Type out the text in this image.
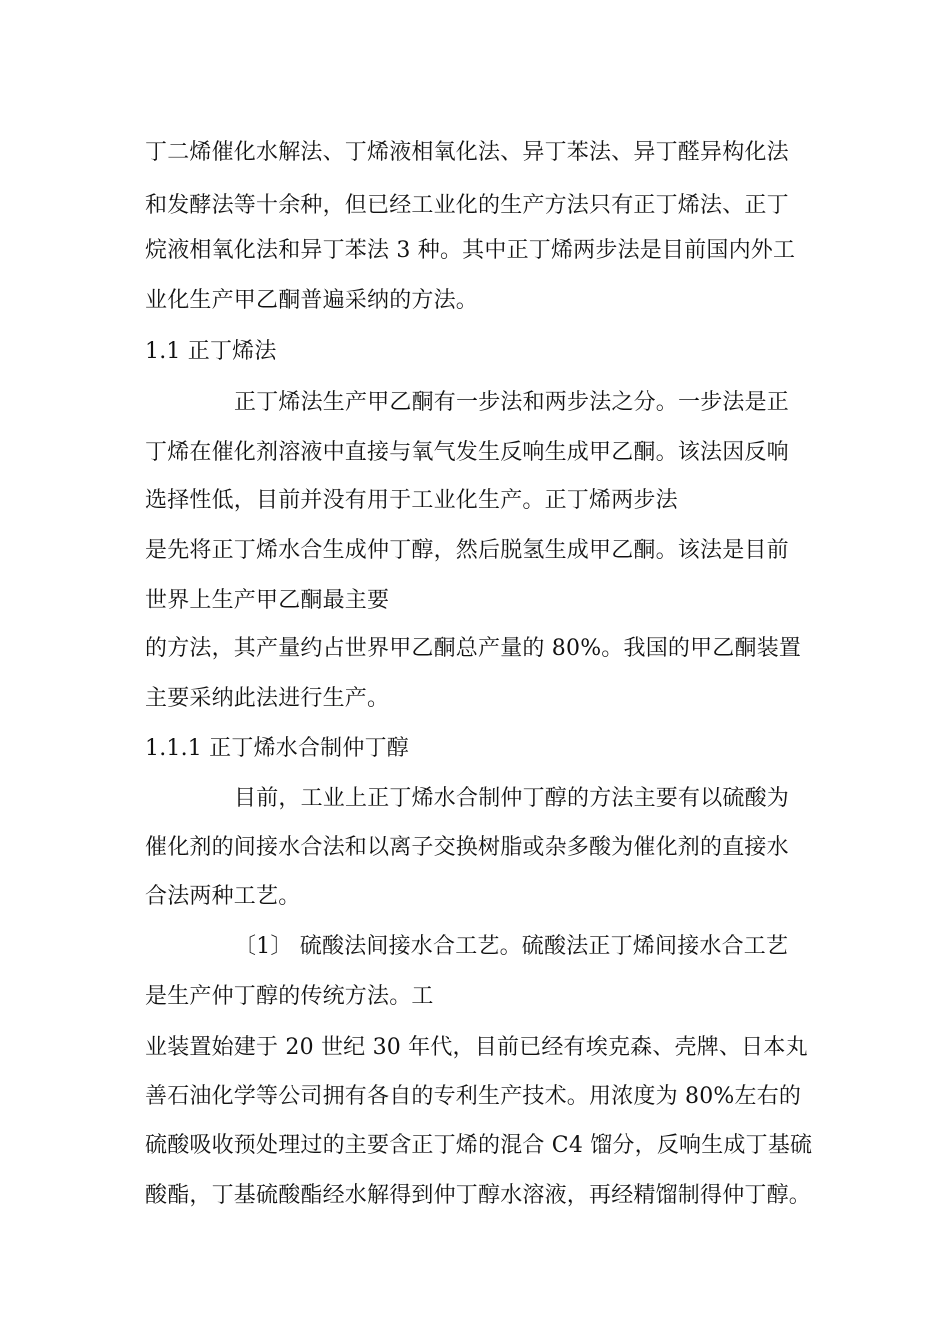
丁二烯催化水解法、丁烯液相氧化法、异丁苯法、异丁醛异构化法
和发酵法等十余种，但已经工业化的生产方法只有正丁烯法、正丁
烷液相氧化法和异丁苯法 3 种。其中正丁烯两步法是目前国内外工
业化生产甲乙酮普遍采纳的方法。
1.1 正丁烯法
正丁烯法生产甲乙酮有一步法和两步法之分。一步法是正
丁烯在催化剂溶液中直接与氧气发生反响生成甲乙酮。该法因反响
选择性低，目前并没有用于工业化生产。正丁烯两步法
是先将正丁烯水合生成仲丁醇，然后脱氢生成甲乙酮。该法是目前
世界上生产甲乙酮最主要
的方法，其产量约占世界甲乙酮总产量的 80%。我国的甲乙酮装置
主要采纳此法进行生产。
1.1.1 正丁烯水合制仲丁醇
目前，工业上正丁烯水合制仲丁醇的方法主要有以硫酸为
催化剂的间接水合法和以离子交换树脂或杂多酸为催化剂的直接水
合法两种工艺。
〔1〕 硫酸法间接水合工艺。硫酸法正丁烯间接水合工艺
是生产仲丁醇的传统方法。工
业装置始建于 20 世纪 30 年代，目前已经有埃克森、壳牌、日本丸
善石油化学等公司拥有各自的专利生产技术。用浓度为 80%左右的
硫酸吸收预处理过的主要含正丁烯的混合 C4 馏分，反响生成丁基硫
酸酯，丁基硫酸酯经水解得到仲丁醇水溶液，再经精馏制得仲丁醇。
